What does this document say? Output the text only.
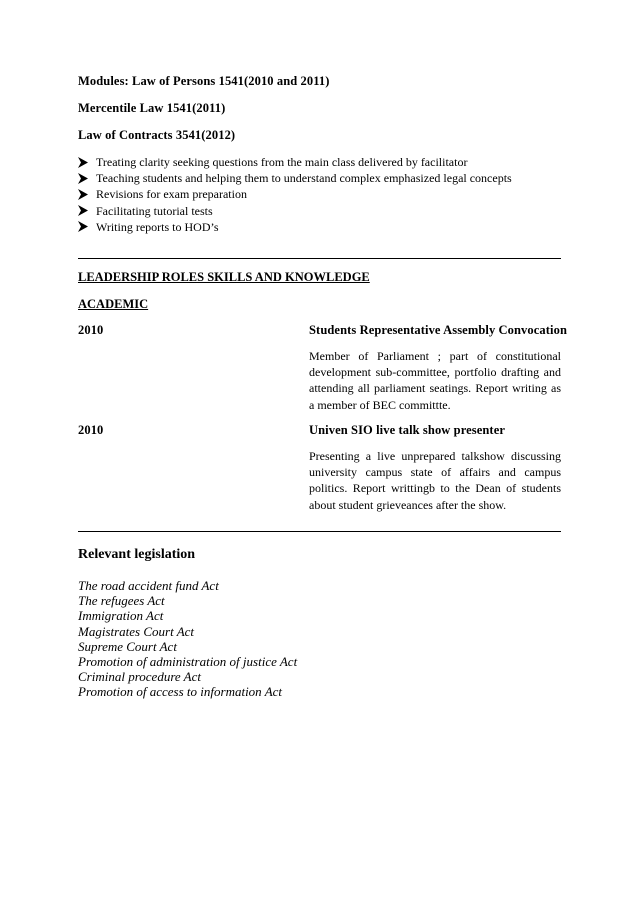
Modules: Law of Persons 1541(2010 and 2011)
Mercentile Law 1541(2011)
Law of Contracts 3541(2012)
Treating clarity seeking questions from the main class delivered by facilitator
Teaching students and helping them to understand complex emphasized legal concepts
Revisions for exam preparation
Facilitating tutorial tests
Writing reports to HOD’s
LEADERSHIP ROLES SKILLS AND KNOWLEDGE
ACADEMIC
2010	Students Representative Assembly Convocation
Member of Parliament ; part of constitutional development sub-committee, portfolio drafting and attending all parliament seatings. Report writing as a member of BEC committte.
2010	Univen SIO live talk show presenter
Presenting a live unprepared talkshow discussing university campus state of affairs and campus politics. Report writtingb to the Dean of students about student grieveances after the show.
Relevant legislation
The road accident fund Act
The refugees Act
Immigration Act
Magistrates Court Act
Supreme Court Act
Promotion of administration of justice Act
Criminal procedure Act
Promotion of access to information Act
